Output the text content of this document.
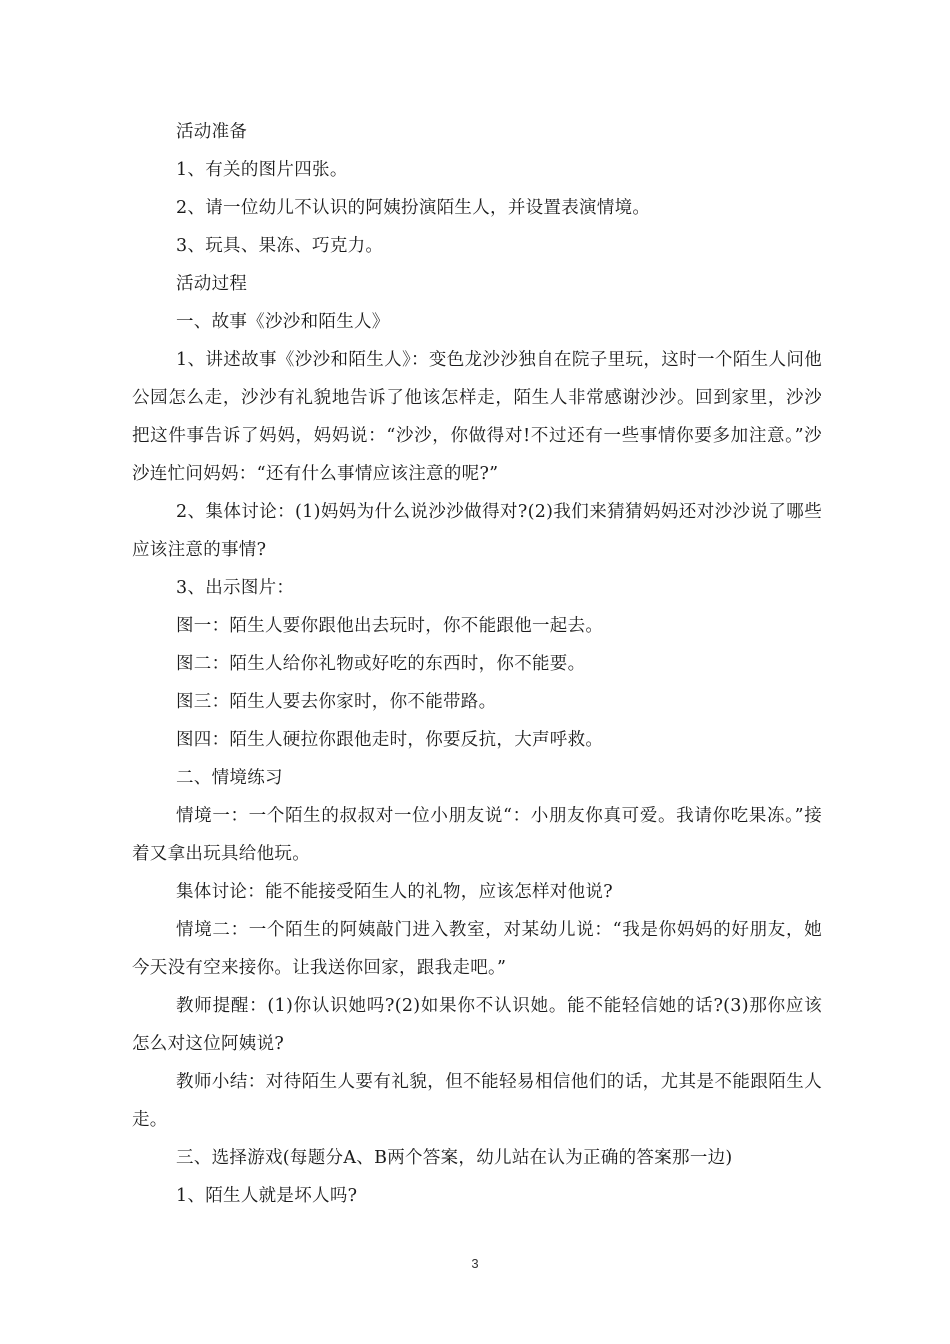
活动准备

1、有关的图片四张。

2、请一位幼儿不认识的阿姨扮演陌生人，并设置表演情境。

3、玩具、果冻、巧克力。

活动过程

一、故事《沙沙和陌生人》

1、讲述故事《沙沙和陌生人》：变色龙沙沙独自在院子里玩，这时一个陌生人问他公园怎么走，沙沙有礼貌地告诉了他该怎样走，陌生人非常感谢沙沙。回到家里，沙沙把这件事告诉了妈妈，妈妈说：“沙沙，你做得对!不过还有一些事情你要多加注意。”沙沙连忙问妈妈：“还有什么事情应该注意的呢?”

2、集体讨论：(1)妈妈为什么说沙沙做得对?(2)我们来猜猜妈妈还对沙沙说了哪些应该注意的事情?

3、出示图片：

图一：陌生人要你跟他出去玩时，你不能跟他一起去。

图二：陌生人给你礼物或好吃的东西时，你不能要。

图三：陌生人要去你家时，你不能带路。

图四：陌生人硬拉你跟他走时，你要反抗，大声呼救。

二、情境练习

情境一：一个陌生的叔叔对一位小朋友说“：小朋友你真可爱。我请你吃果冻。”接着又拿出玩具给他玩。

集体讨论：能不能接受陌生人的礼物，应该怎样对他说?

情境二：一个陌生的阿姨敲门进入教室，对某幼儿说：“我是你妈妈的好朋友，她今天没有空来接你。让我送你回家，跟我走吧。”

教师提醒：(1)你认识她吗?(2)如果你不认识她。能不能轻信她的话?(3)那你应该怎么对这位阿姨说?

教师小结：对待陌生人要有礼貌，但不能轻易相信他们的话，尤其是不能跟陌生人走。

三、选择游戏(每题分A、B两个答案，幼儿站在认为正确的答案那一边)

1、陌生人就是坏人吗?

3
